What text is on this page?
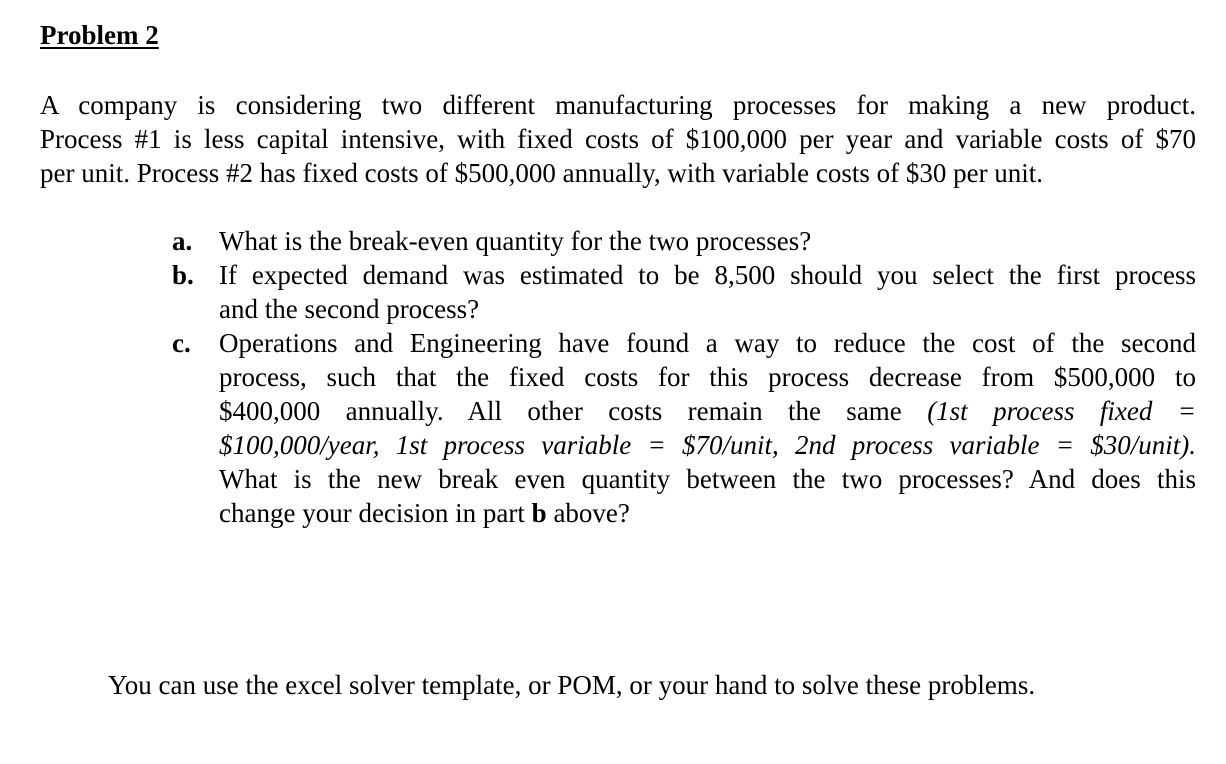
Problem 2

A company is considering two different manufacturing processes for making a new product.
Process #1 is less capital intensive, with fixed costs of $100,000 per year and variable costs of $70
per unit. Process #2 has fixed costs of $500,000 annually, with variable costs of $30 per unit.

a. What is the break-even quantity for the two processes?
b. If expected demand was estimated to be 8,500 should you select the first process
and the second process?
c. Operations and Engineering have found a way to reduce the cost of the second
process, such that the fixed costs for this process decrease from $500,000 to
$400,000 annually. All other costs remain the same (1st process fixed =
$100,000/year, 1st process variable = $70/unit, 2nd process variable = $30/unit).
What is the new break even quantity between the two processes? And does this
change your decision in part b above?

You can use the excel solver template, or POM, or your hand to solve these problems.
